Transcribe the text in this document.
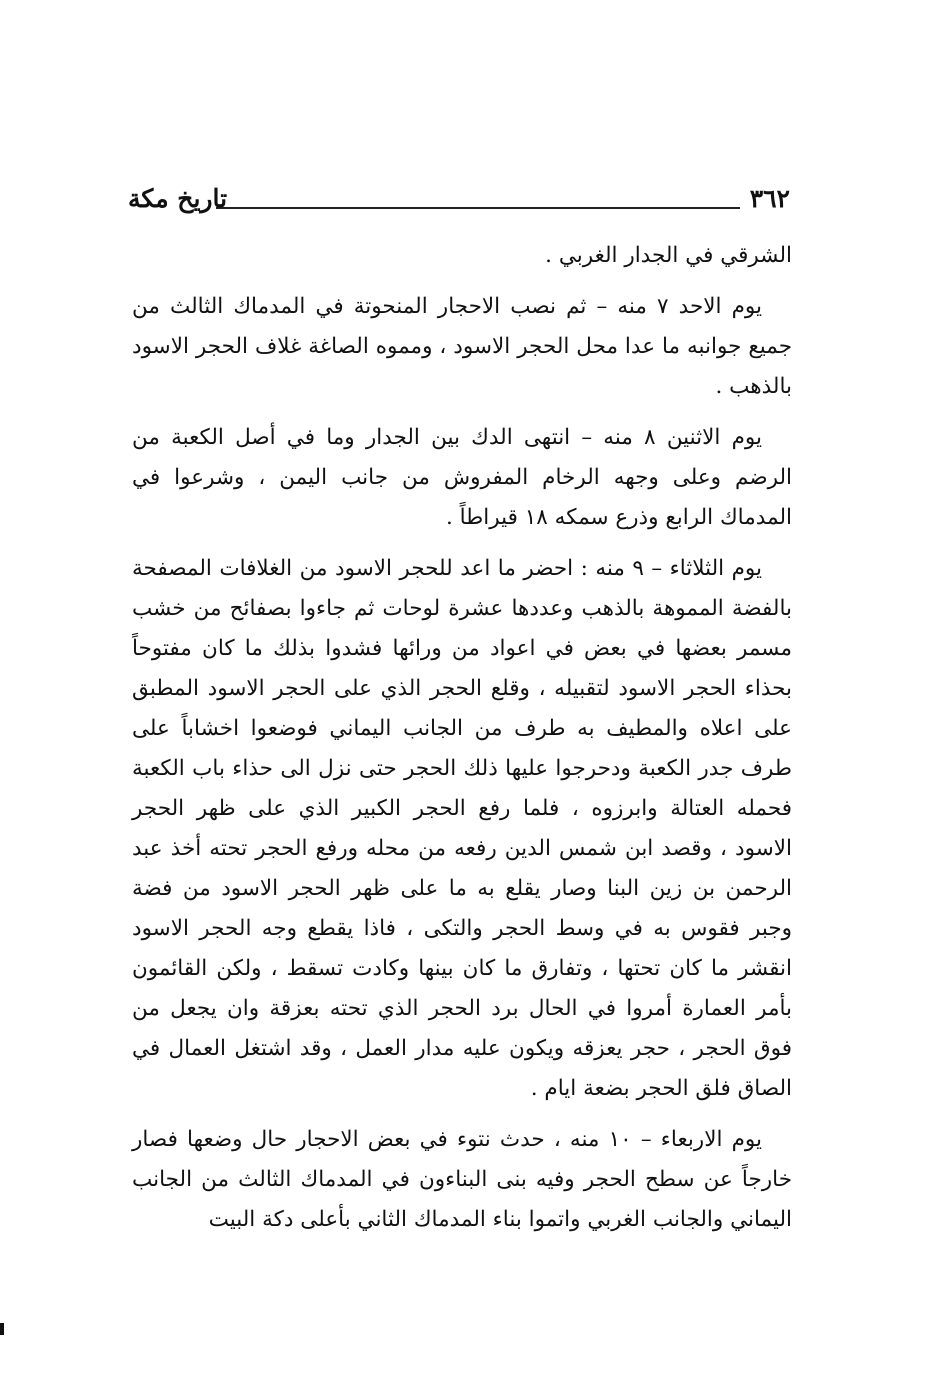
٣٦٢
تاريخ مكة

الشرقي في الجدار الغربي .

يوم الاحد ٧ منه – ثم نصب الاحجار المنحوتة في المدماك الثالث من جميع جوانبه ما عدا محل الحجر الاسود ، ومموه الصاغة غلاف الحجر الاسود بالذهب .

يوم الاثنين ٨ منه – انتهى الدك بين الجدار وما في أصل الكعبة من الرضم وعلى وجهه الرخام المفروش من جانب اليمن ، وشرعوا في المدماك الرابع وذرع سمكه ١٨ قيراطاً .

يوم الثلاثاء – ٩ منه : احضر ما اعد للحجر الاسود من الغلافات المصفحة بالفضة المموهة بالذهب وعددها عشرة لوحات ثم جاءوا بصفائح من خشب مسمر بعضها في بعض في اعواد من ورائها فشدوا بذلك ما كان مفتوحاً بحذاء الحجر الاسود لتقبيله ، وقلع الحجر الذي على الحجر الاسود المطبق على اعلاه والمطيف به طرف من الجانب اليماني فوضعوا اخشاباً على طرف جدر الكعبة ودحرجوا عليها ذلك الحجر حتى نزل الى حذاء باب الكعبة فحمله العتالة وابرزوه ، فلما رفع الحجر الكبير الذي على ظهر الحجر الاسود ، وقصد ابن شمس الدين رفعه من محله ورفع الحجر تحته أخذ عبد الرحمن بن زين البنا وصار يقلع به ما على ظهر الحجر الاسود من فضة وجبر فقوس به في وسط الحجر والتكى ، فاذا يقطع وجه الحجر الاسود انقشر ما كان تحتها ، وتفارق ما كان بينها وكادت تسقط ، ولكن القائمون بأمر العمارة أمروا في الحال برد الحجر الذي تحته بعزقة وان يجعل من فوق الحجر ، حجر يعزقه ويكون عليه مدار العمل ، وقد اشتغل العمال في الصاق فلق الحجر بضعة ايام .

يوم الاربعاء – ١٠ منه ، حدث نتوء في بعض الاحجار حال وضعها فصار خارجاً عن سطح الحجر وفيه بنى البناءون في المدماك الثالث من الجانب اليماني والجانب الغربي واتموا بناء المدماك الثاني بأعلى دكة البيت
